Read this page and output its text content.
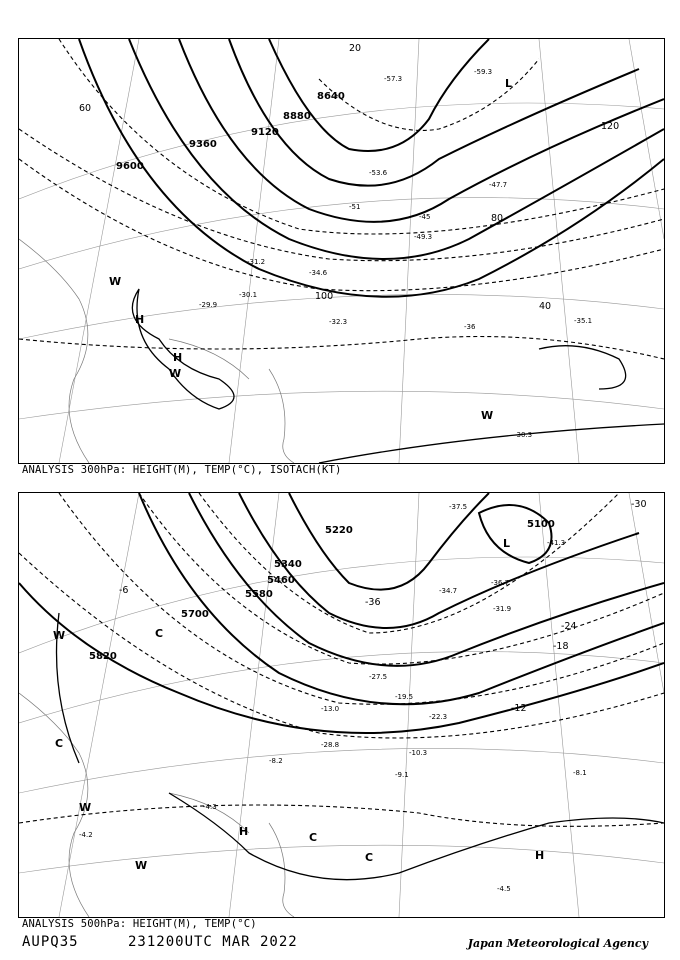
9600
9360
9120
8880
8640
20
40
60
80
100
120
H
H
L
W
W
W
-29.9
-30.1
-31.2
-32.3
-34.6
-36
-45
-47.7
-49.3
-51
-53.6
-57.3
-59.3
-35.1
-30.3
ANALYSIS 300hPa: HEIGHT(M), TEMP(°C), ISOTACH(KT)
5820
5700
5580
5460
5340
5220
5100
-30
-24
-18
-12
-6
-36
H
H
L
C
C
C
C
W
W
W
-4.3
-4.5
-9.1	-8.1
-10.3
-13.0
-19.5
-22.3
-27.5
-31.9
-34.7
-36.7
-37.5
-41.3
-28.8
-4.2
-8.2
ANALYSIS 500hPa: HEIGHT(M), TEMP(°C)
AUPQ35	231200UTC MAR 2022	Japan Meteorological Agency
